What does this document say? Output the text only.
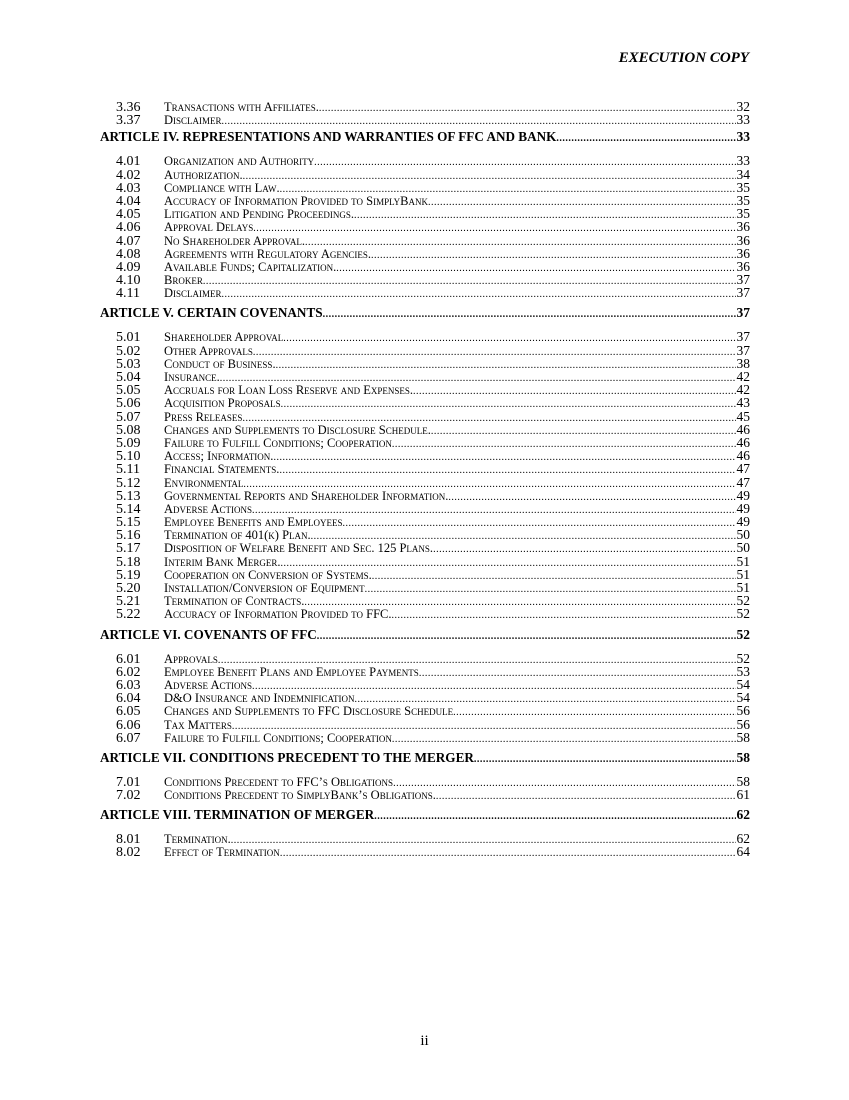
EXECUTION COPY
3.36	Transactions with Affiliates. .....	32
3.37	Disclaimer .....	33
ARTICLE IV. REPRESENTATIONS AND WARRANTIES OF FFC AND BANK .....	33
4.01	Organization and Authority .....	33
4.02	Authorization. .....	34
4.03	Compliance with Law. .....	35
4.04	Accuracy of Information Provided to SimplyBank .....	35
4.05	Litigation and Pending Proceedings. .....	35
4.06	Approval Delays .....	36
4.07	No Shareholder Approval. .....	36
4.08	Agreements with Regulatory Agencies. .....	36
4.09	Available Funds; Capitalization. .....	36
4.10	Broker .....	37
4.11	Disclaimer .....	37
ARTICLE V. CERTAIN COVENANTS .....	37
5.01	Shareholder Approval .....	37
5.02	Other Approvals .....	37
5.03	Conduct of Business. .....	38
5.04	Insurance. .....	42
5.05	Accruals for Loan Loss Reserve and Expenses. .....	42
5.06	Acquisition Proposals .....	43
5.07	Press Releases .....	45
5.08	Changes and Supplements to Disclosure Schedule. .....	46
5.09	Failure to Fulfill Conditions; Cooperation .....	46
5.10	Access; Information. .....	46
5.11	Financial Statements. .....	47
5.12	Environmental .....	47
5.13	Governmental Reports and Shareholder Information. .....	49
5.14	Adverse Actions .....	49
5.15	Employee Benefits and Employees .....	49
5.16	Termination of 401(k) Plan. .....	50
5.17	Disposition of Welfare Benefit and Sec. 125 Plans. .....	50
5.18	Interim Bank Merger. .....	51
5.19	Cooperation on Conversion of Systems. .....	51
5.20	Installation/Conversion of Equipment .....	51
5.21	Termination of Contracts. .....	52
5.22	Accuracy of Information Provided to FFC. .....	52
ARTICLE VI. COVENANTS OF FFC .....	52
6.01	Approvals .....	52
6.02	Employee Benefit Plans and Employee Payments .....	53
6.03	Adverse Actions .....	54
6.04	D&O Insurance and Indemnification .....	54
6.05	Changes and Supplements to FFC Disclosure Schedule .....	56
6.06	Tax Matters .....	56
6.07	Failure to Fulfill Conditions; Cooperation .....	58
ARTICLE VII. CONDITIONS PRECEDENT TO THE MERGER .....	58
7.01	Conditions Precedent to FFC’s Obligations .....	58
7.02	Conditions Precedent to SimplyBank’s Obligations. .....	61
ARTICLE VIII. TERMINATION OF MERGER .....	62
8.01	Termination. .....	62
8.02	Effect of Termination .....	64
ii
